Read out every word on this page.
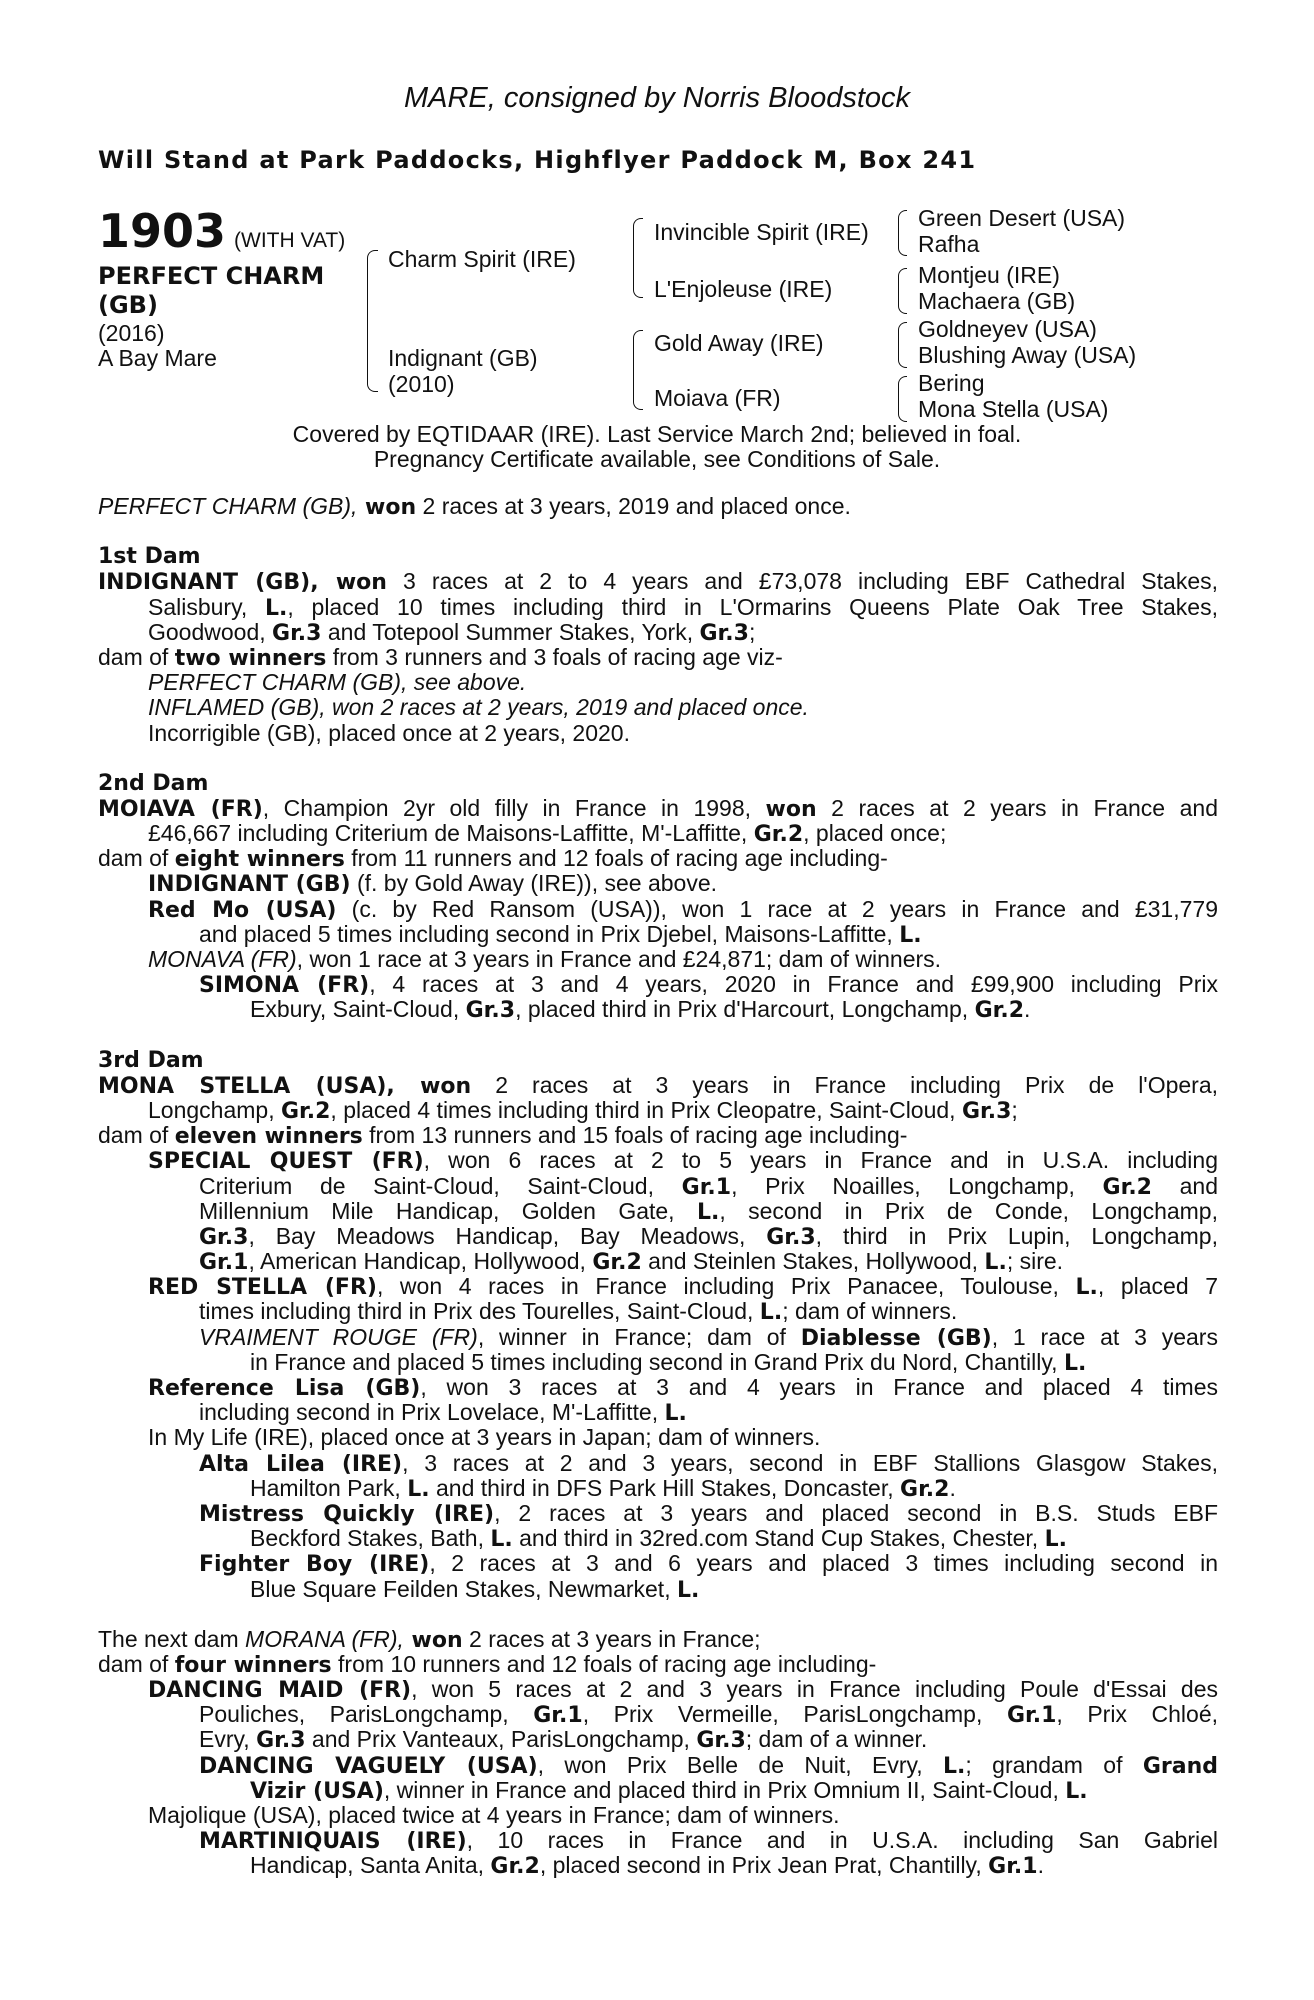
MARE, consigned by Norris Bloodstock
Will Stand at Park Paddocks, Highflyer Paddock M, Box 241
1903 (WITH VAT)
PERFECT CHARM
(GB)
(2016)
A Bay Mare
Charm Spirit (IRE)
Indignant (GB)
(2010)
Invincible Spirit (IRE)
L'Enjoleuse (IRE)
Gold Away (IRE)
Moiava (FR)
Green Desert (USA)
Rafha
Montjeu (IRE)
Machaera (GB)
Goldneyev (USA)
Blushing Away (USA)
Bering
Mona Stella (USA)
Covered by EQTIDAAR (IRE). Last Service March 2nd; believed in foal.
Pregnancy Certificate available, see Conditions of Sale.
PERFECT CHARM (GB), won 2 races at 3 years, 2019 and placed once.
1st Dam
INDIGNANT (GB), won 3 races at 2 to 4 years and £73,078 including EBF Cathedral Stakes,
Salisbury, L., placed 10 times including third in L'Ormarins Queens Plate Oak Tree Stakes,
Goodwood, Gr.3 and Totepool Summer Stakes, York, Gr.3;
dam of two winners from 3 runners and 3 foals of racing age viz-
PERFECT CHARM (GB), see above.
INFLAMED (GB), won 2 races at 2 years, 2019 and placed once.
Incorrigible (GB), placed once at 2 years, 2020.
2nd Dam
MOIAVA (FR), Champion 2yr old filly in France in 1998, won 2 races at 2 years in France and
£46,667 including Criterium de Maisons-Laffitte, M'-Laffitte, Gr.2, placed once;
dam of eight winners from 11 runners and 12 foals of racing age including-
INDIGNANT (GB) (f. by Gold Away (IRE)), see above.
Red Mo (USA) (c. by Red Ransom (USA)), won 1 race at 2 years in France and £31,779
and placed 5 times including second in Prix Djebel, Maisons-Laffitte, L.
MONAVA (FR), won 1 race at 3 years in France and £24,871; dam of winners.
SIMONA (FR), 4 races at 3 and 4 years, 2020 in France and £99,900 including Prix
Exbury, Saint-Cloud, Gr.3, placed third in Prix d'Harcourt, Longchamp, Gr.2.
3rd Dam
MONA STELLA (USA), won 2 races at 3 years in France including Prix de l'Opera,
Longchamp, Gr.2, placed 4 times including third in Prix Cleopatre, Saint-Cloud, Gr.3;
dam of eleven winners from 13 runners and 15 foals of racing age including-
SPECIAL QUEST (FR), won 6 races at 2 to 5 years in France and in U.S.A. including
Criterium de Saint-Cloud, Saint-Cloud, Gr.1, Prix Noailles, Longchamp, Gr.2 and
Millennium Mile Handicap, Golden Gate, L., second in Prix de Conde, Longchamp,
Gr.3, Bay Meadows Handicap, Bay Meadows, Gr.3, third in Prix Lupin, Longchamp,
Gr.1, American Handicap, Hollywood, Gr.2 and Steinlen Stakes, Hollywood, L.; sire.
RED STELLA (FR), won 4 races in France including Prix Panacee, Toulouse, L., placed 7
times including third in Prix des Tourelles, Saint-Cloud, L.; dam of winners.
VRAIMENT ROUGE (FR), winner in France; dam of Diablesse (GB), 1 race at 3 years
in France and placed 5 times including second in Grand Prix du Nord, Chantilly, L.
Reference Lisa (GB), won 3 races at 3 and 4 years in France and placed 4 times
including second in Prix Lovelace, M'-Laffitte, L.
In My Life (IRE), placed once at 3 years in Japan; dam of winners.
Alta Lilea (IRE), 3 races at 2 and 3 years, second in EBF Stallions Glasgow Stakes,
Hamilton Park, L. and third in DFS Park Hill Stakes, Doncaster, Gr.2.
Mistress Quickly (IRE), 2 races at 3 years and placed second in B.S. Studs EBF
Beckford Stakes, Bath, L. and third in 32red.com Stand Cup Stakes, Chester, L.
Fighter Boy (IRE), 2 races at 3 and 6 years and placed 3 times including second in
Blue Square Feilden Stakes, Newmarket, L.
The next dam MORANA (FR), won 2 races at 3 years in France;
dam of four winners from 10 runners and 12 foals of racing age including-
DANCING MAID (FR), won 5 races at 2 and 3 years in France including Poule d'Essai des
Pouliches, ParisLongchamp, Gr.1, Prix Vermeille, ParisLongchamp, Gr.1, Prix Chloé,
Evry, Gr.3 and Prix Vanteaux, ParisLongchamp, Gr.3; dam of a winner.
DANCING VAGUELY (USA), won Prix Belle de Nuit, Evry, L.; grandam of Grand
Vizir (USA), winner in France and placed third in Prix Omnium II, Saint-Cloud, L.
Majolique (USA), placed twice at 4 years in France; dam of winners.
MARTINIQUAIS (IRE), 10 races in France and in U.S.A. including San Gabriel
Handicap, Santa Anita, Gr.2, placed second in Prix Jean Prat, Chantilly, Gr.1.
